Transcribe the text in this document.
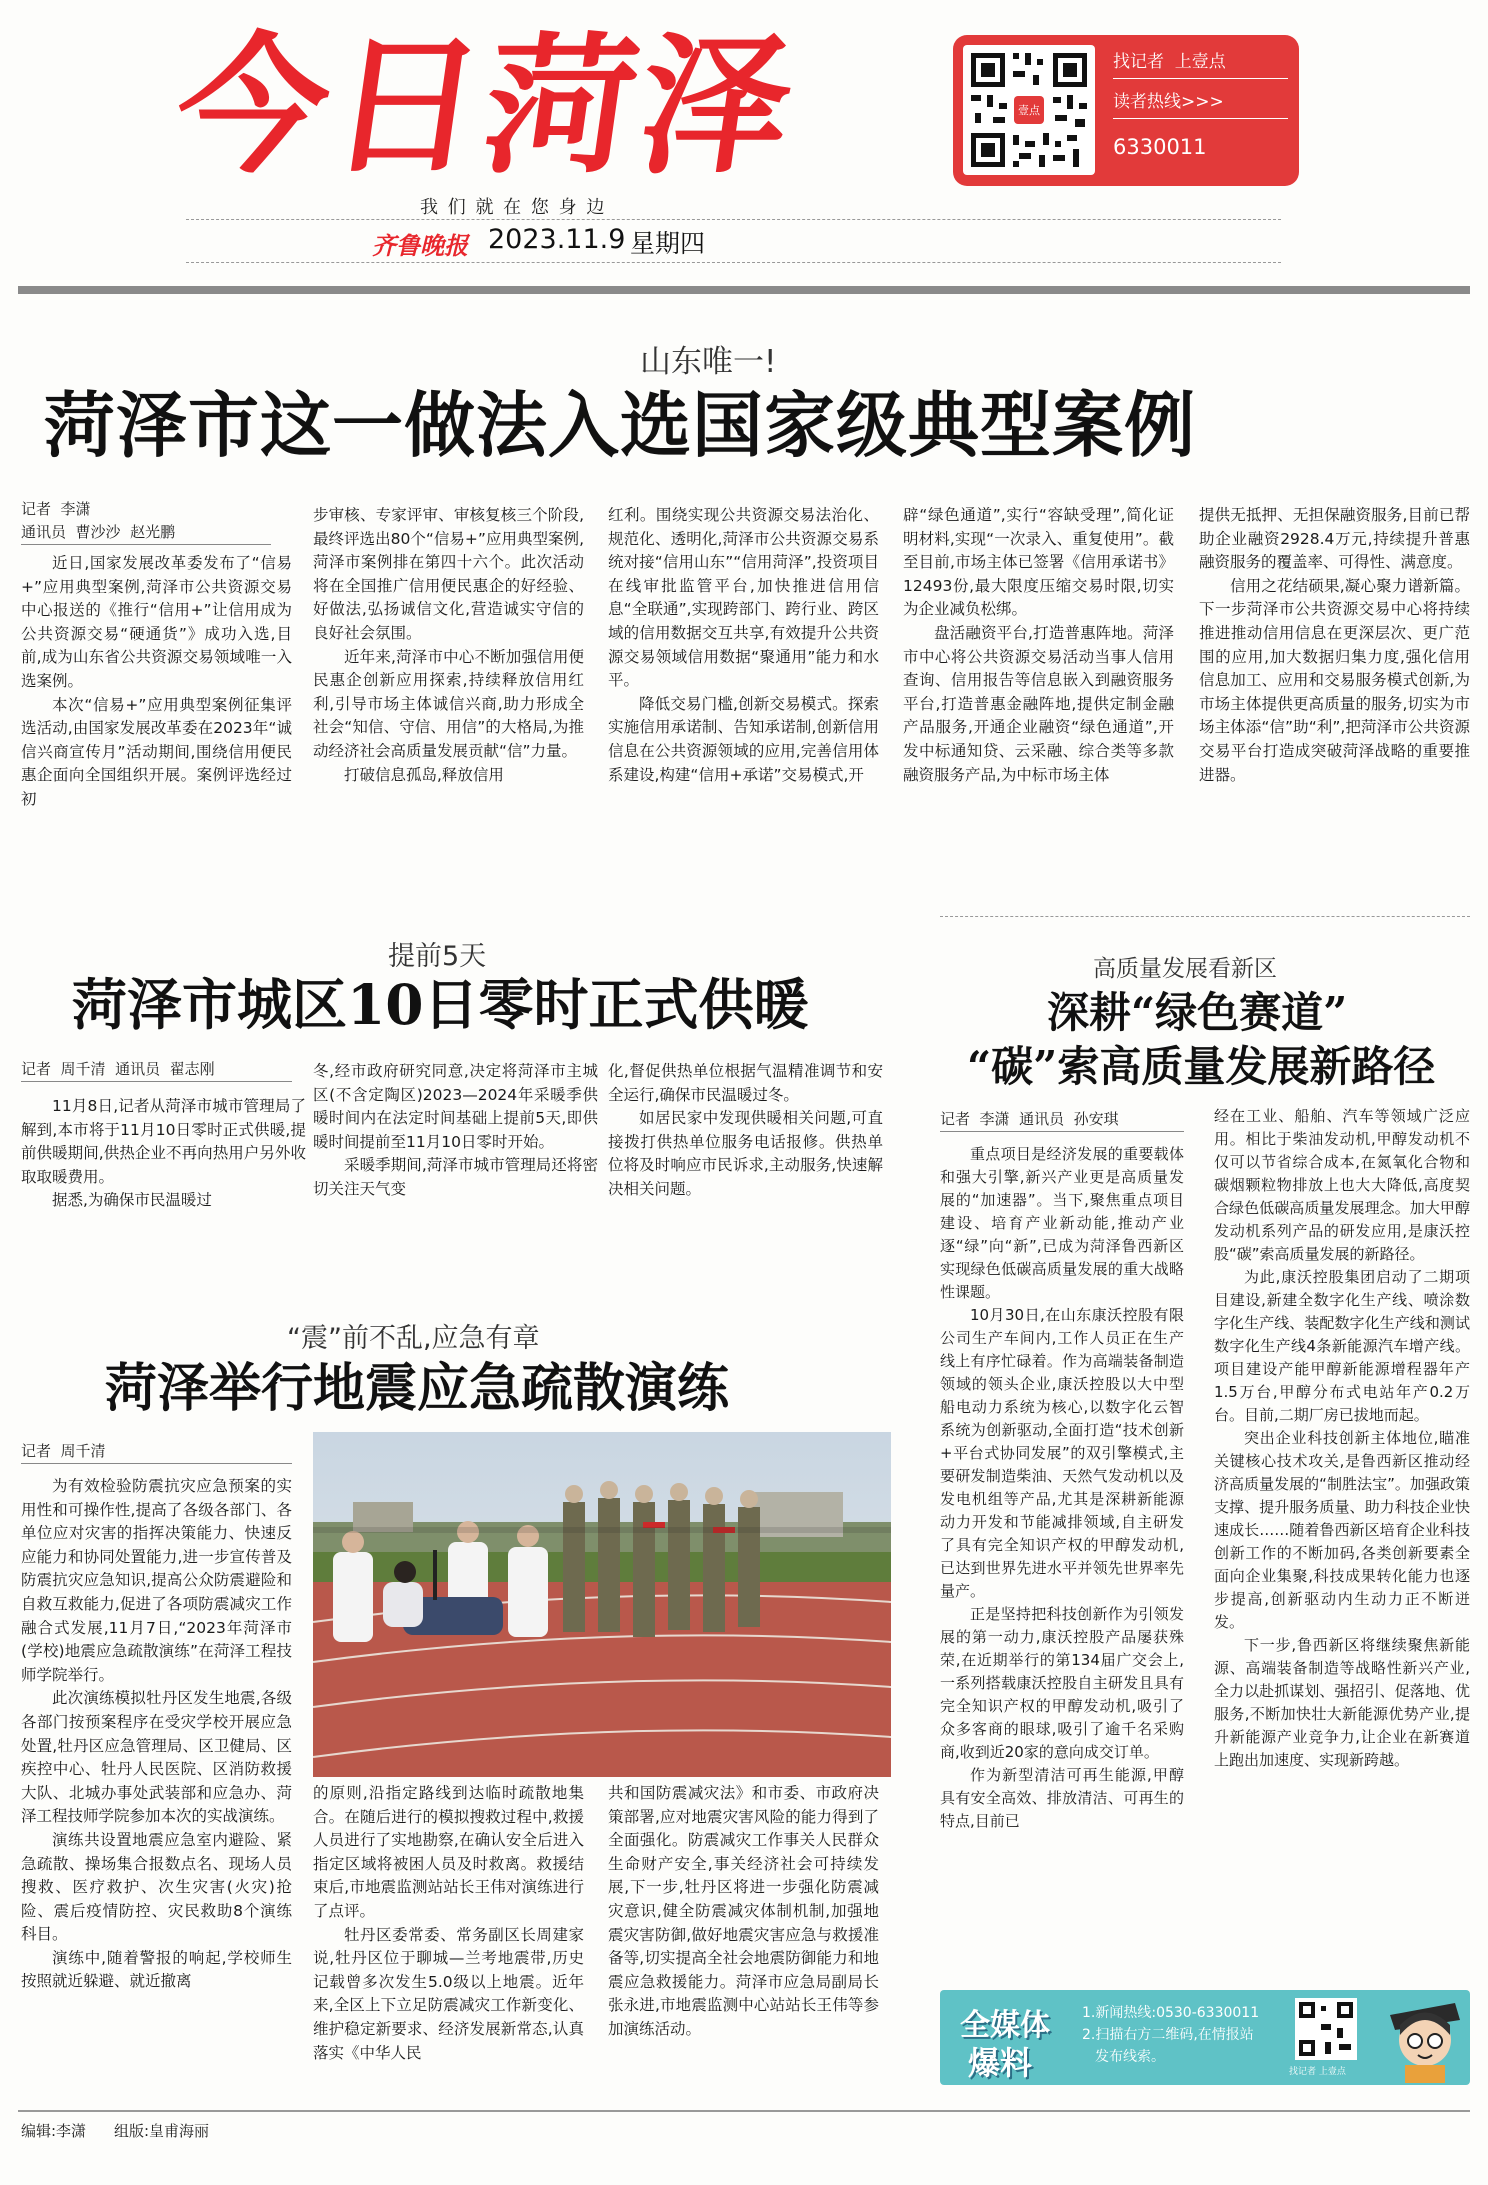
今日菏泽	壹点
找记者  上壹点
读者热线>>>
6330011
我 们 就 在 您 身 边
齐鲁晚报 2023.11.9 星期四
山东唯一!
菏泽市这一做法入选国家级典型案例
记者  李潇
通讯员  曹沙沙  赵光鹏

近日,国家发展改革委发布了“信易+”应用典型案例,菏泽市公共资源交易中心报送的《推行“信用+”让信用成为公共资源交易“硬通货”》成功入选,目前,成为山东省公共资源交易领域唯一入选案例。

本次“信易+”应用典型案例征集评选活动,由国家发展改革委在2023年“诚信兴商宣传月”活动期间,围绕信用便民惠企面向全国组织开展。案例评选经过初

步审核、专家评审、审核复核三个阶段,最终评选出80个“信易+”应用典型案例,菏泽市案例排在第四十六个。此次活动将在全国推广信用便民惠企的好经验、好做法,弘扬诚信文化,营造诚实守信的良好社会氛围。

近年来,菏泽市中心不断加强信用便民惠企创新应用探索,持续释放信用红利,引导市场主体诚信兴商,助力形成全社会“知信、守信、用信”的大格局,为推动经济社会高质量发展贡献“信”力量。

打破信息孤岛,释放信用

红利。围绕实现公共资源交易法治化、规范化、透明化,菏泽市公共资源交易系统对接“信用山东”“信用菏泽”,投资项目在线审批监管平台,加快推进信用信息“全联通”,实现跨部门、跨行业、跨区域的信用数据交互共享,有效提升公共资源交易领域信用数据“聚通用”能力和水平。

降低交易门槛,创新交易模式。探索实施信用承诺制、告知承诺制,创新信用信息在公共资源领域的应用,完善信用体系建设,构建“信用+承诺”交易模式,开

辟“绿色通道”,实行“容缺受理”,简化证明材料,实现“一次录入、重复使用”。截至目前,市场主体已签署《信用承诺书》12493份,最大限度压缩交易时限,切实为企业减负松绑。

盘活融资平台,打造普惠阵地。菏泽市中心将公共资源交易活动当事人信用查询、信用报告等信息嵌入到融资服务平台,打造普惠金融阵地,提供定制金融产品服务,开通企业融资“绿色通道”,开发中标通知贷、云采融、综合类等多款融资服务产品,为中标市场主体

提供无抵押、无担保融资服务,目前已帮助企业融资2928.4万元,持续提升普惠融资服务的覆盖率、可得性、满意度。

信用之花结硕果,凝心聚力谱新篇。下一步菏泽市公共资源交易中心将持续推进推动信用信息在更深层次、更广范围的应用,加大数据归集力度,强化信用信息加工、应用和交易服务模式创新,为市场主体提供更高质量的服务,切实为市场主体添“信”助“利”,把菏泽市公共资源交易平台打造成突破菏泽战略的重要推进器。

提前5天
菏泽市城区10日零时正式供暖
记者  周千清  通讯员  翟志刚

11月8日,记者从菏泽市城市管理局了解到,本市将于11月10日零时正式供暖,提前供暖期间,供热企业不再向热用户另外收取取暖费用。

据悉,为确保市民温暖过

冬,经市政府研究同意,决定将菏泽市主城区(不含定陶区)2023—2024年采暖季供暖时间内在法定时间基础上提前5天,即供暖时间提前至11月10日零时开始。

采暖季期间,菏泽市城市管理局还将密切关注天气变

化,督促供热单位根据气温精准调节和安全运行,确保市民温暖过冬。

如居民家中发现供暖相关问题,可直接拨打供热单位服务电话报修。供热单位将及时响应市民诉求,主动服务,快速解决相关问题。

“震”前不乱,应急有章
菏泽举行地震应急疏散演练
记者  周千清

为有效检验防震抗灾应急预案的实用性和可操作性,提高了各级各部门、各单位应对灾害的指挥决策能力、快速反应能力和协同处置能力,进一步宣传普及防震抗灾应急知识,提高公众防震避险和自救互救能力,促进了各项防震减灾工作融合式发展,11月7日,“2023年菏泽市(学校)地震应急疏散演练”在菏泽工程技师学院举行。

此次演练模拟牡丹区发生地震,各级各部门按预案程序在受灾学校开展应急处置,牡丹区应急管理局、区卫健局、区疾控中心、牡丹人民医院、区消防救援大队、北城办事处武装部和应急办、菏泽工程技师学院参加本次的实战演练。

演练共设置地震应急室内避险、紧急疏散、操场集合报数点名、现场人员搜救、医疗救护、次生灾害(火灾)抢险、震后疫情防控、灾民救助8个演练科目。

演练中,随着警报的响起,学校师生按照就近躲避、就近撤离

的原则,沿指定路线到达临时疏散地集合。在随后进行的模拟搜救过程中,救援人员进行了实地勘察,在确认安全后进入指定区域将被困人员及时救离。救援结束后,市地震监测站站长王伟对演练进行了点评。

牡丹区委常委、常务副区长周建家说,牡丹区位于聊城—兰考地震带,历史记载曾多次发生5.0级以上地震。近年来,全区上下立足防震减灾工作新变化、维护稳定新要求、经济发展新常态,认真落实《中华人民

共和国防震减灾法》和市委、市政府决策部署,应对地震灾害风险的能力得到了全面强化。防震减灾工作事关人民群众生命财产安全,事关经济社会可持续发展,下一步,牡丹区将进一步强化防震减灾意识,健全防震减灾体制机制,加强地震灾害防御,做好地震灾害应急与救援准备等,切实提高全社会地震防御能力和地震应急救援能力。菏泽市应急局副局长张永进,市地震监测中心站站长王伟等参加演练活动。

高质量发展看新区
深耕“绿色赛道”
“碳”索高质量发展新路径
记者  李潇  通讯员  孙安琪

重点项目是经济发展的重要载体和强大引擎,新兴产业更是高质量发展的“加速器”。当下,聚焦重点项目建设、培育产业新动能,推动产业逐“绿”向“新”,已成为菏泽鲁西新区实现绿色低碳高质量发展的重大战略性课题。

10月30日,在山东康沃控股有限公司生产车间内,工作人员正在生产线上有序忙碌着。作为高端装备制造领域的领头企业,康沃控股以大中型船电动力系统为核心,以数字化云智系统为创新驱动,全面打造“技术创新+平台式协同发展”的双引擎模式,主要研发制造柴油、天然气发动机以及发电机组等产品,尤其是深耕新能源动力开发和节能减排领域,自主研发了具有完全知识产权的甲醇发动机,已达到世界先进水平并领先世界率先量产。

正是坚持把科技创新作为引领发展的第一动力,康沃控股产品屡获殊荣,在近期举行的第134届广交会上,一系列搭载康沃控股自主研发且具有完全知识产权的甲醇发动机,吸引了众多客商的眼球,吸引了逾千名采购商,收到近20家的意向成交订单。

作为新型清洁可再生能源,甲醇具有安全高效、排放清洁、可再生的特点,目前已

经在工业、船舶、汽车等领域广泛应用。相比于柴油发动机,甲醇发动机不仅可以节省综合成本,在氮氧化合物和碳烟颗粒物排放上也大大降低,高度契合绿色低碳高质量发展理念。加大甲醇发动机系列产品的研发应用,是康沃控股“碳”索高质量发展的新路径。

为此,康沃控股集团启动了二期项目建设,新建全数字化生产线、喷涂数字化生产线、装配数字化生产线和测试数字化生产线4条新能源汽车增产线。项目建设产能甲醇新能源增程器年产1.5万台,甲醇分布式电站年产0.2万台。目前,二期厂房已拔地而起。

突出企业科技创新主体地位,瞄准关键核心技术攻关,是鲁西新区推动经济高质量发展的“制胜法宝”。加强政策支撑、提升服务质量、助力科技企业快速成长……随着鲁西新区培育企业科技创新工作的不断加码,各类创新要素全面向企业集聚,科技成果转化能力也逐步提高,创新驱动内生动力正不断迸发。

下一步,鲁西新区将继续聚焦新能源、高端装备制造等战略性新兴产业,全力以赴抓谋划、强招引、促落地、优服务,不断加快壮大新能源优势产业,提升新能源产业竞争力,让企业在新赛道上跑出加速度、实现新跨越。

全媒体
爆料
1.新闻热线:0530-6330011
2.扫描右方二维码,在情报站
发布线索。
找记者 上壹点
编辑:李潇 组版:皇甫海丽
